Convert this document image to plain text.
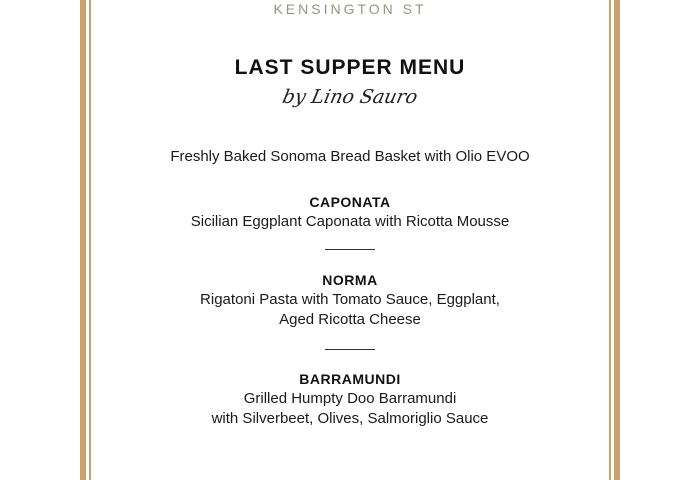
KENSINGTON ST
LAST SUPPER MENU
by Lino Sauro
Freshly Baked Sonoma Bread Basket with Olio EVOO
CAPONATA
Sicilian Eggplant Caponata with Ricotta Mousse
NORMA
Rigatoni Pasta with Tomato Sauce, Eggplant,
Aged Ricotta Cheese
BARRAMUNDI
Grilled Humpty Doo Barramundi
with Silverbeet, Olives, Salmoriglio Sauce
